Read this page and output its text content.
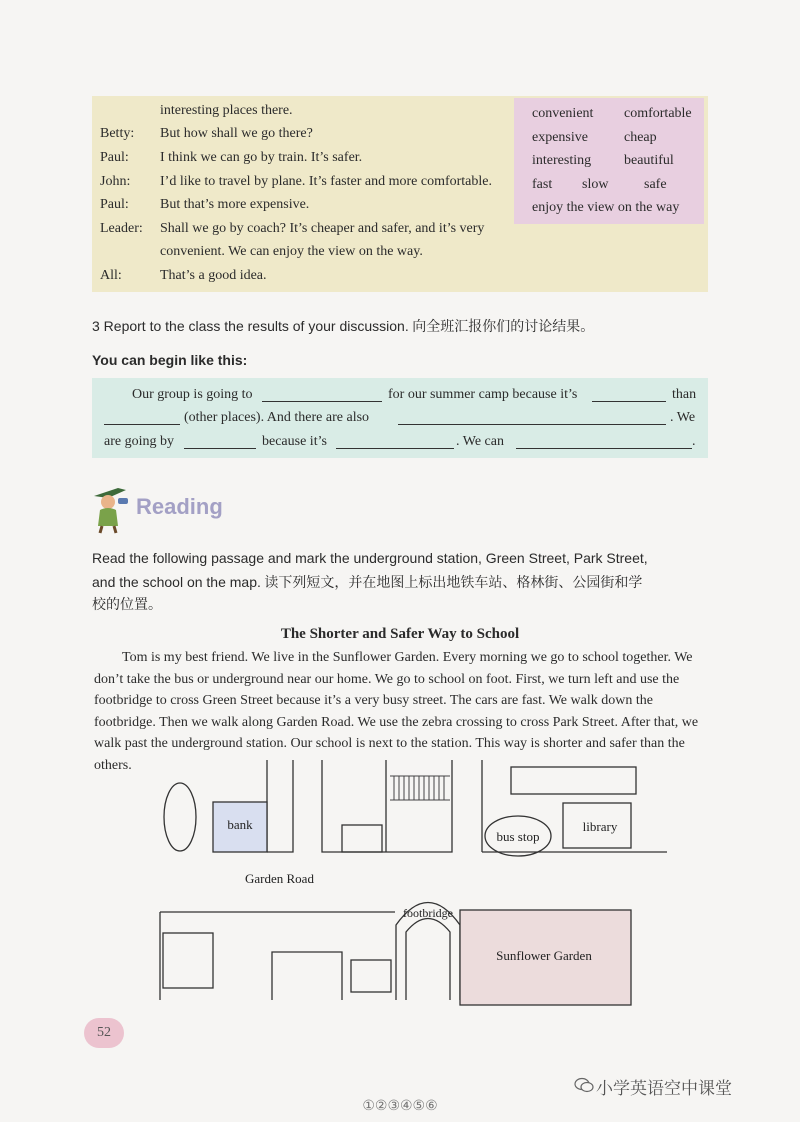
interesting places there.
Betty:	But how shall we go there?
Paul:	I think we can go by train. It’s safer.
John:	I’d like to travel by plane. It’s faster and more comfortable.
Paul:	But that’s more expensive.
Leader:	Shall we go by coach? It’s cheaper and safer, and it’s very
convenient. We can enjoy the view on the way.
All:	That’s a good idea.
convenient comfortable
expensive	cheap
interesting beautiful
fast slow	safe
enjoy the view on the way
3 Report to the class the results of your discussion. 向全班汇报你们的讨论结果。
You can begin like this:
Our group is going to	for our summer camp because it’s	than
(other places). And there are also	. We
are going by	because it’s	. We can	.
Reading
Read the following passage and mark the underground station, Green Street, Park Street,
and the school on the map. 读下列短文，并在地图上标出地铁车站、格林街、公园街和学
校的位置。
The Shorter and Safer Way to School
Tom is my best friend. We live in the Sunflower Garden. Every morning we go to school together. We
don’t take the bus or underground near our home. We go to school on foot. First, we turn left and use the
footbridge to cross Green Street because it’s a very busy street. The cars are fast. We walk down the
footbridge. Then we walk along Garden Road. We use the zebra crossing to cross Park Street. After that, we
walk past the underground station. Our school is next to the station. This way is shorter and safer than the
others.
bank
bus stop
library
Garden Road
footbridge
Sunflower Garden
52
小学英语空中课堂
①②③④⑤⑥
